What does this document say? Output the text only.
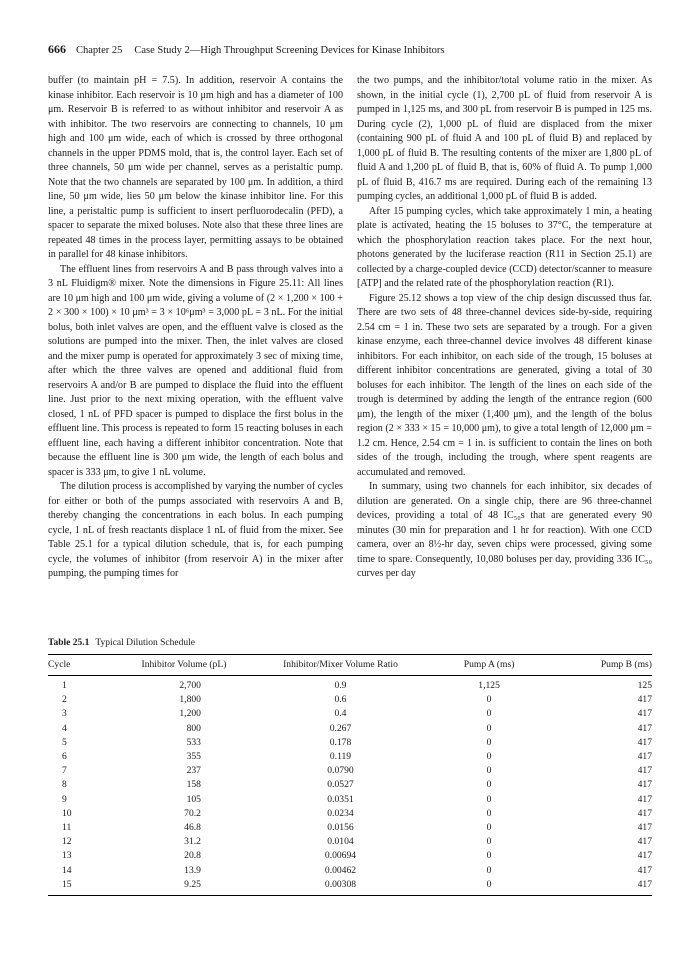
666 Chapter 25 Case Study 2—High Throughput Screening Devices for Kinase Inhibitors

buffer (to maintain pH = 7.5). In addition, reservoir A contains the kinase inhibitor. Each reservoir is 10 μm high and has a diameter of 100 μm. Reservoir B is referred to as without inhibitor and reservoir A as with inhibitor. The two reservoirs are connecting to channels, 10 μm high and 100 μm wide, each of which is crossed by three orthogonal channels in the upper PDMS mold, that is, the control layer. Each set of three channels, 50 μm wide per channel, serves as a peristaltic pump. Note that the two channels are separated by 100 μm. In addition, a third line, 50 μm wide, lies 50 μm below the kinase inhibitor line. For this line, a peristaltic pump is sufficient to insert perfluorodecalin (PFD), a spacer to separate the mixed boluses. Note also that these three lines are repeated 48 times in the process layer, permitting assays to be obtained in parallel for 48 kinase inhibitors.

The effluent lines from reservoirs A and B pass through valves into a 3 nL Fluidigm® mixer. Note the dimensions in Figure 25.11: All lines are 10 μm high and 100 μm wide, giving a volume of (2 × 1,200 × 100 + 2 × 300 × 100) × 10 μm³ = 3 × 10⁶μm³ = 3,000 pL = 3 nL. For the initial bolus, both inlet valves are open, and the effluent valve is closed as the solutions are pumped into the mixer. Then, the inlet valves are closed and the mixer pump is operated for approximately 3 sec of mixing time, after which the three valves are opened and additional fluid from reservoirs A and/or B are pumped to displace the fluid into the effluent line. Just prior to the next mixing operation, with the effluent valve closed, 1 nL of PFD spacer is pumped to displace the first bolus in the effluent line. This process is repeated to form 15 reacting boluses in each effluent line, each having a different inhibitor concentration. Note that because the effluent line is 300 μm wide, the length of each bolus and spacer is 333 μm, to give 1 nL volume.

The dilution process is accomplished by varying the number of cycles for either or both of the pumps associated with reservoirs A and B, thereby changing the concentrations in each bolus. In each pumping cycle, 1 nL of fresh reactants displace 1 nL of fluid from the mixer. See Table 25.1 for a typical dilution schedule, that is, for each pumping cycle, the volumes of inhibitor (from reservoir A) in the mixer after pumping, the pumping times for

the two pumps, and the inhibitor/total volume ratio in the mixer. As shown, in the initial cycle (1), 2,700 pL of fluid from reservoir A is pumped in 1,125 ms, and 300 pL from reservoir B is pumped in 125 ms. During cycle (2), 1,000 pL of fluid are displaced from the mixer (containing 900 pL of fluid A and 100 pL of fluid B) and replaced by 1,000 pL of fluid B. The resulting contents of the mixer are 1,800 pL of fluid A and 1,200 pL of fluid B, that is, 60% of fluid A. To pump 1,000 pL of fluid B, 416.7 ms are required. During each of the remaining 13 pumping cycles, an additional 1,000 pL of fluid B is added.

After 15 pumping cycles, which take approximately 1 min, a heating plate is activated, heating the 15 boluses to 37°C, the temperature at which the phosphorylation reaction takes place. For the next hour, photons generated by the luciferase reaction (R11 in Section 25.1) are collected by a charge-coupled device (CCD) detector/scanner to measure [ATP] and the related rate of the phosphorylation reaction (R1).

Figure 25.12 shows a top view of the chip design discussed thus far. There are two sets of 48 three-channel devices side-by-side, requiring 2.54 cm = 1 in. These two sets are separated by a trough. For a given kinase enzyme, each three-channel device involves 48 different kinase inhibitors. For each inhibitor, on each side of the trough, 15 boluses at different inhibitor concentrations are generated, giving a total of 30 boluses for each inhibitor. The length of the lines on each side of the trough is determined by adding the length of the entrance region (600 μm), the length of the mixer (1,400 μm), and the length of the bolus region (2 × 333 × 15 = 10,000 μm), to give a total length of 12,000 μm = 1.2 cm. Hence, 2.54 cm = 1 in. is sufficient to contain the lines on both sides of the trough, including the trough, where spent reagents are accumulated and removed.

In summary, using two channels for each inhibitor, six decades of dilution are generated. On a single chip, there are 96 three-channel devices, providing a total of 48 IC₅₀s that are generated every 90 minutes (30 min for preparation and 1 hr for reaction). With one CCD camera, over an 8½-hr day, seven chips were processed, giving some time to spare. Consequently, 10,080 boluses per day, providing 336 IC₅₀ curves per day

Table 25.1 Typical Dilution Schedule
Cycle	Inhibitor Volume (pL)	Inhibitor/Mixer Volume Ratio	Pump A (ms)	Pump B (ms)
1	2,700	0.9	1,125	125
2	1,800	0.6	0	417
3	1,200	0.4	0	417
4	800	0.267	0	417
5	533	0.178	0	417
6	355	0.119	0	417
7	237	0.0790	0	417
8	158	0.0527	0	417
9	105	0.0351	0	417
10	70.2	0.0234	0	417
11	46.8	0.0156	0	417
12	31.2	0.0104	0	417
13	20.8	0.00694	0	417
14	13.9	0.00462	0	417
15	9.25	0.00308	0	417
